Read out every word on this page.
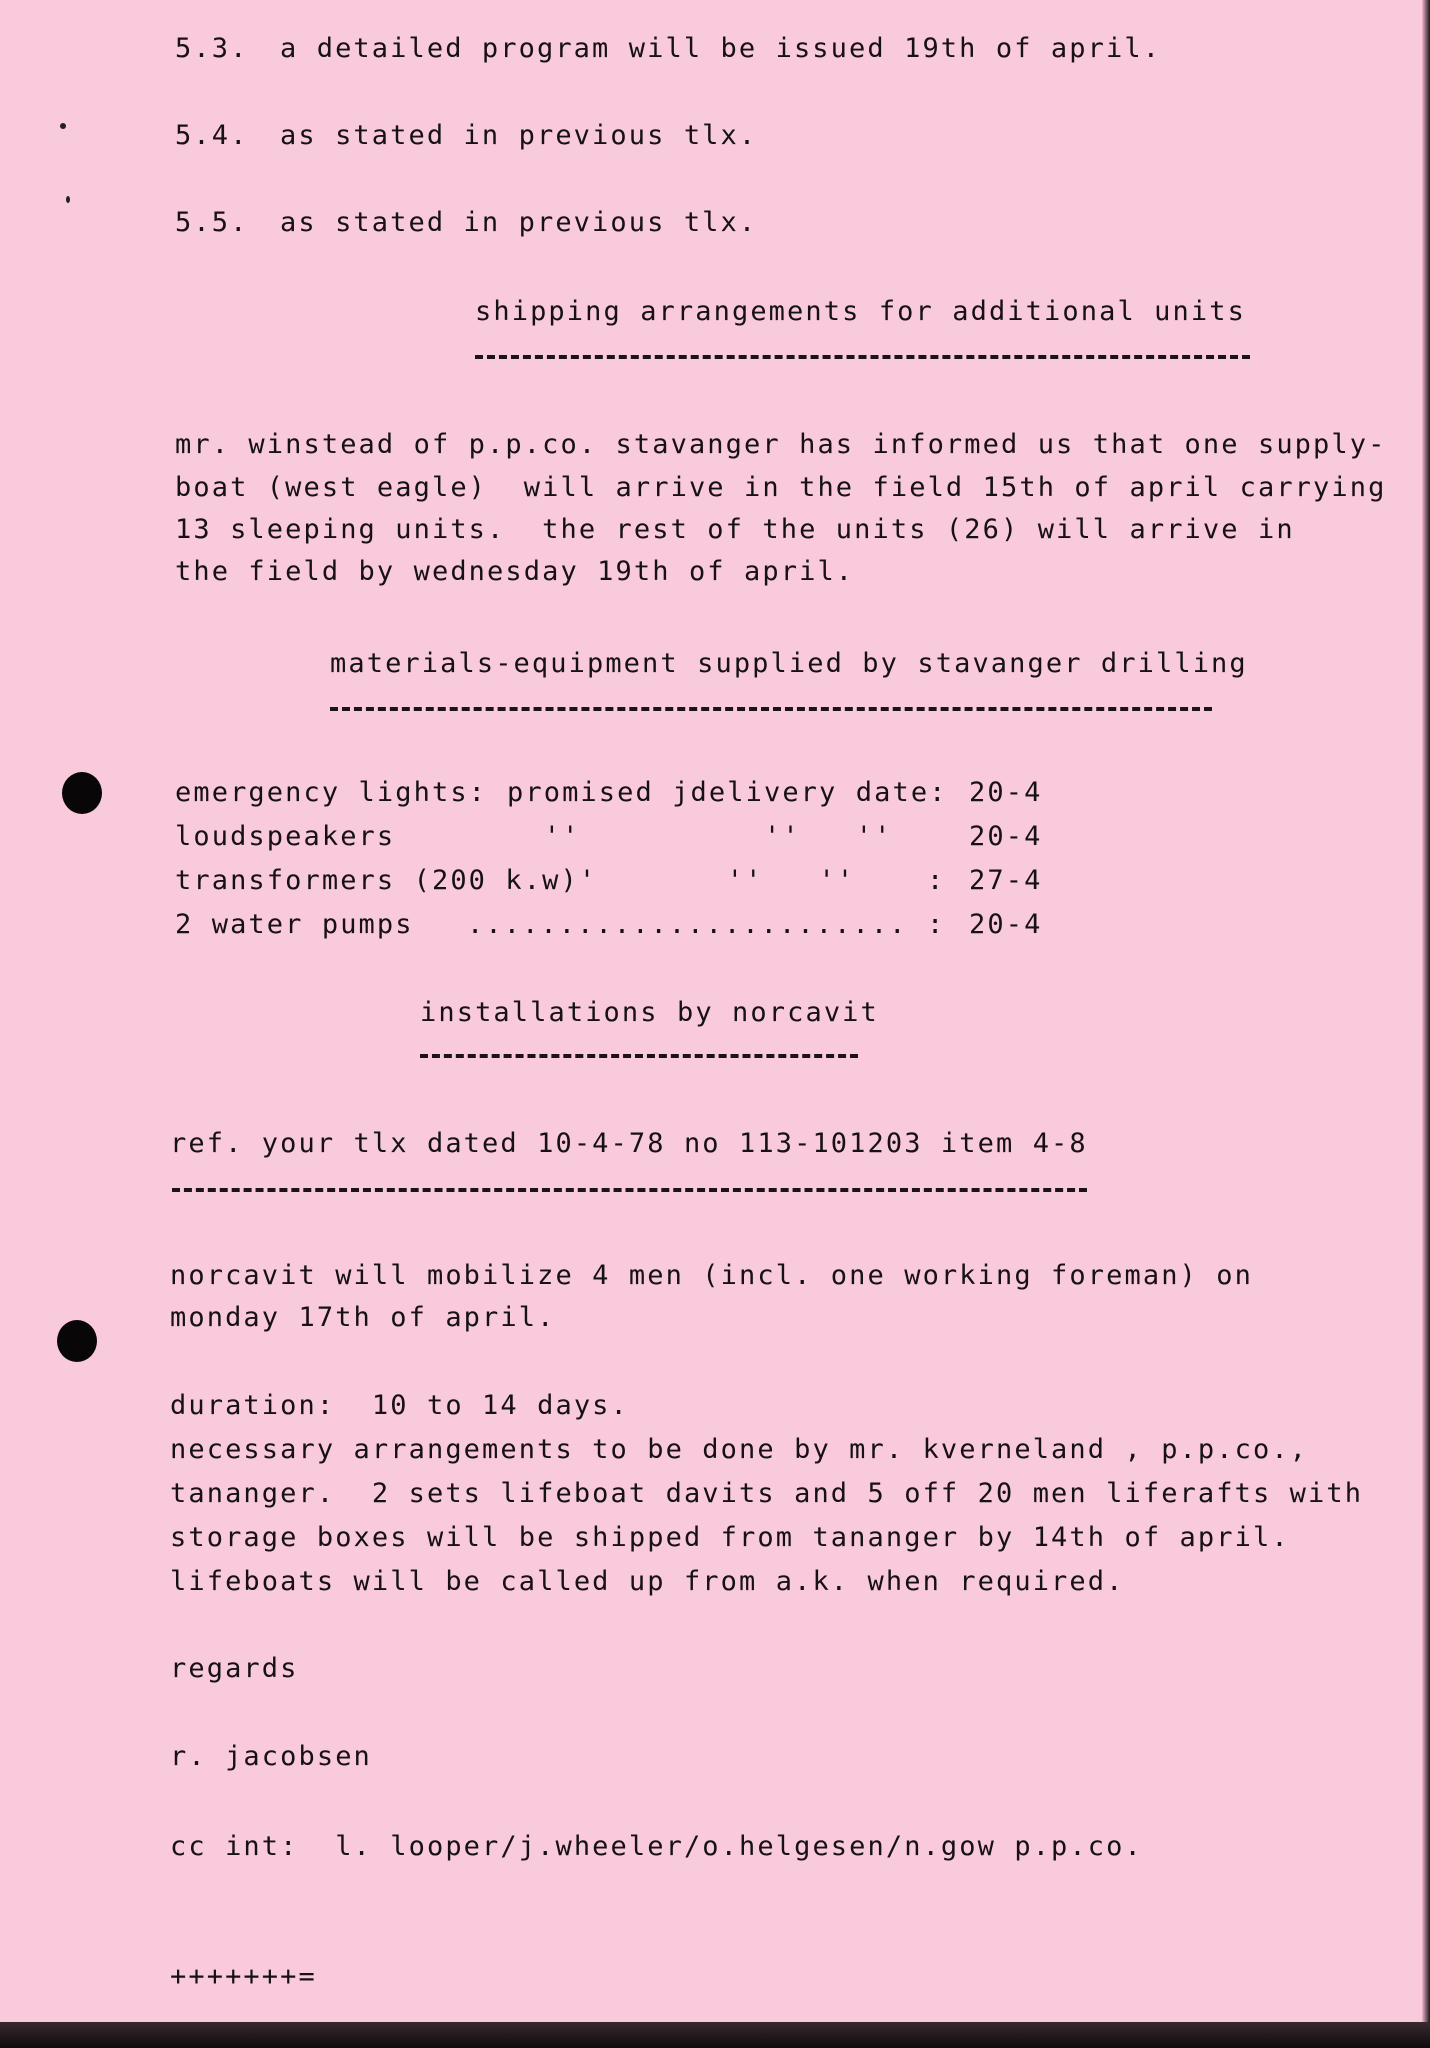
5.3. a detailed program will be issued 19th of april.

5.4. as stated in previous tlx.

5.5. as stated in previous tlx.

shipping arrangements for additional units

mr. winstead of p.p.co. stavanger has informed us that one supply-

boat (west eagle)  will arrive in the field 15th of april carrying

13 sleeping units.  the rest of the units (26) will arrive in

the field by wednesday 19th of april.

materials-equipment supplied by stavanger drilling

emergency lights: promised jdelivery date: 20-4

loudspeakers	''          ''   ''	20-4

transformers (200 k.w)'     ''   ''	: 27-4

2 water pumps ........................ : 20-4

installations by norcavit

ref. your tlx dated 10-4-78 no 113-101203 item 4-8

norcavit will mobilize 4 men (incl. one working foreman) on

monday 17th of april.

duration:  10 to 14 days.

necessary arrangements to be done by mr. kverneland , p.p.co.,

tananger.  2 sets lifeboat davits and 5 off 20 men liferafts with

storage boxes will be shipped from tananger by 14th of april.

lifeboats will be called up from a.k. when required.

regards

r. jacobsen

cc int:  l. looper/j.wheeler/o.helgesen/n.gow p.p.co.

+++++++=
